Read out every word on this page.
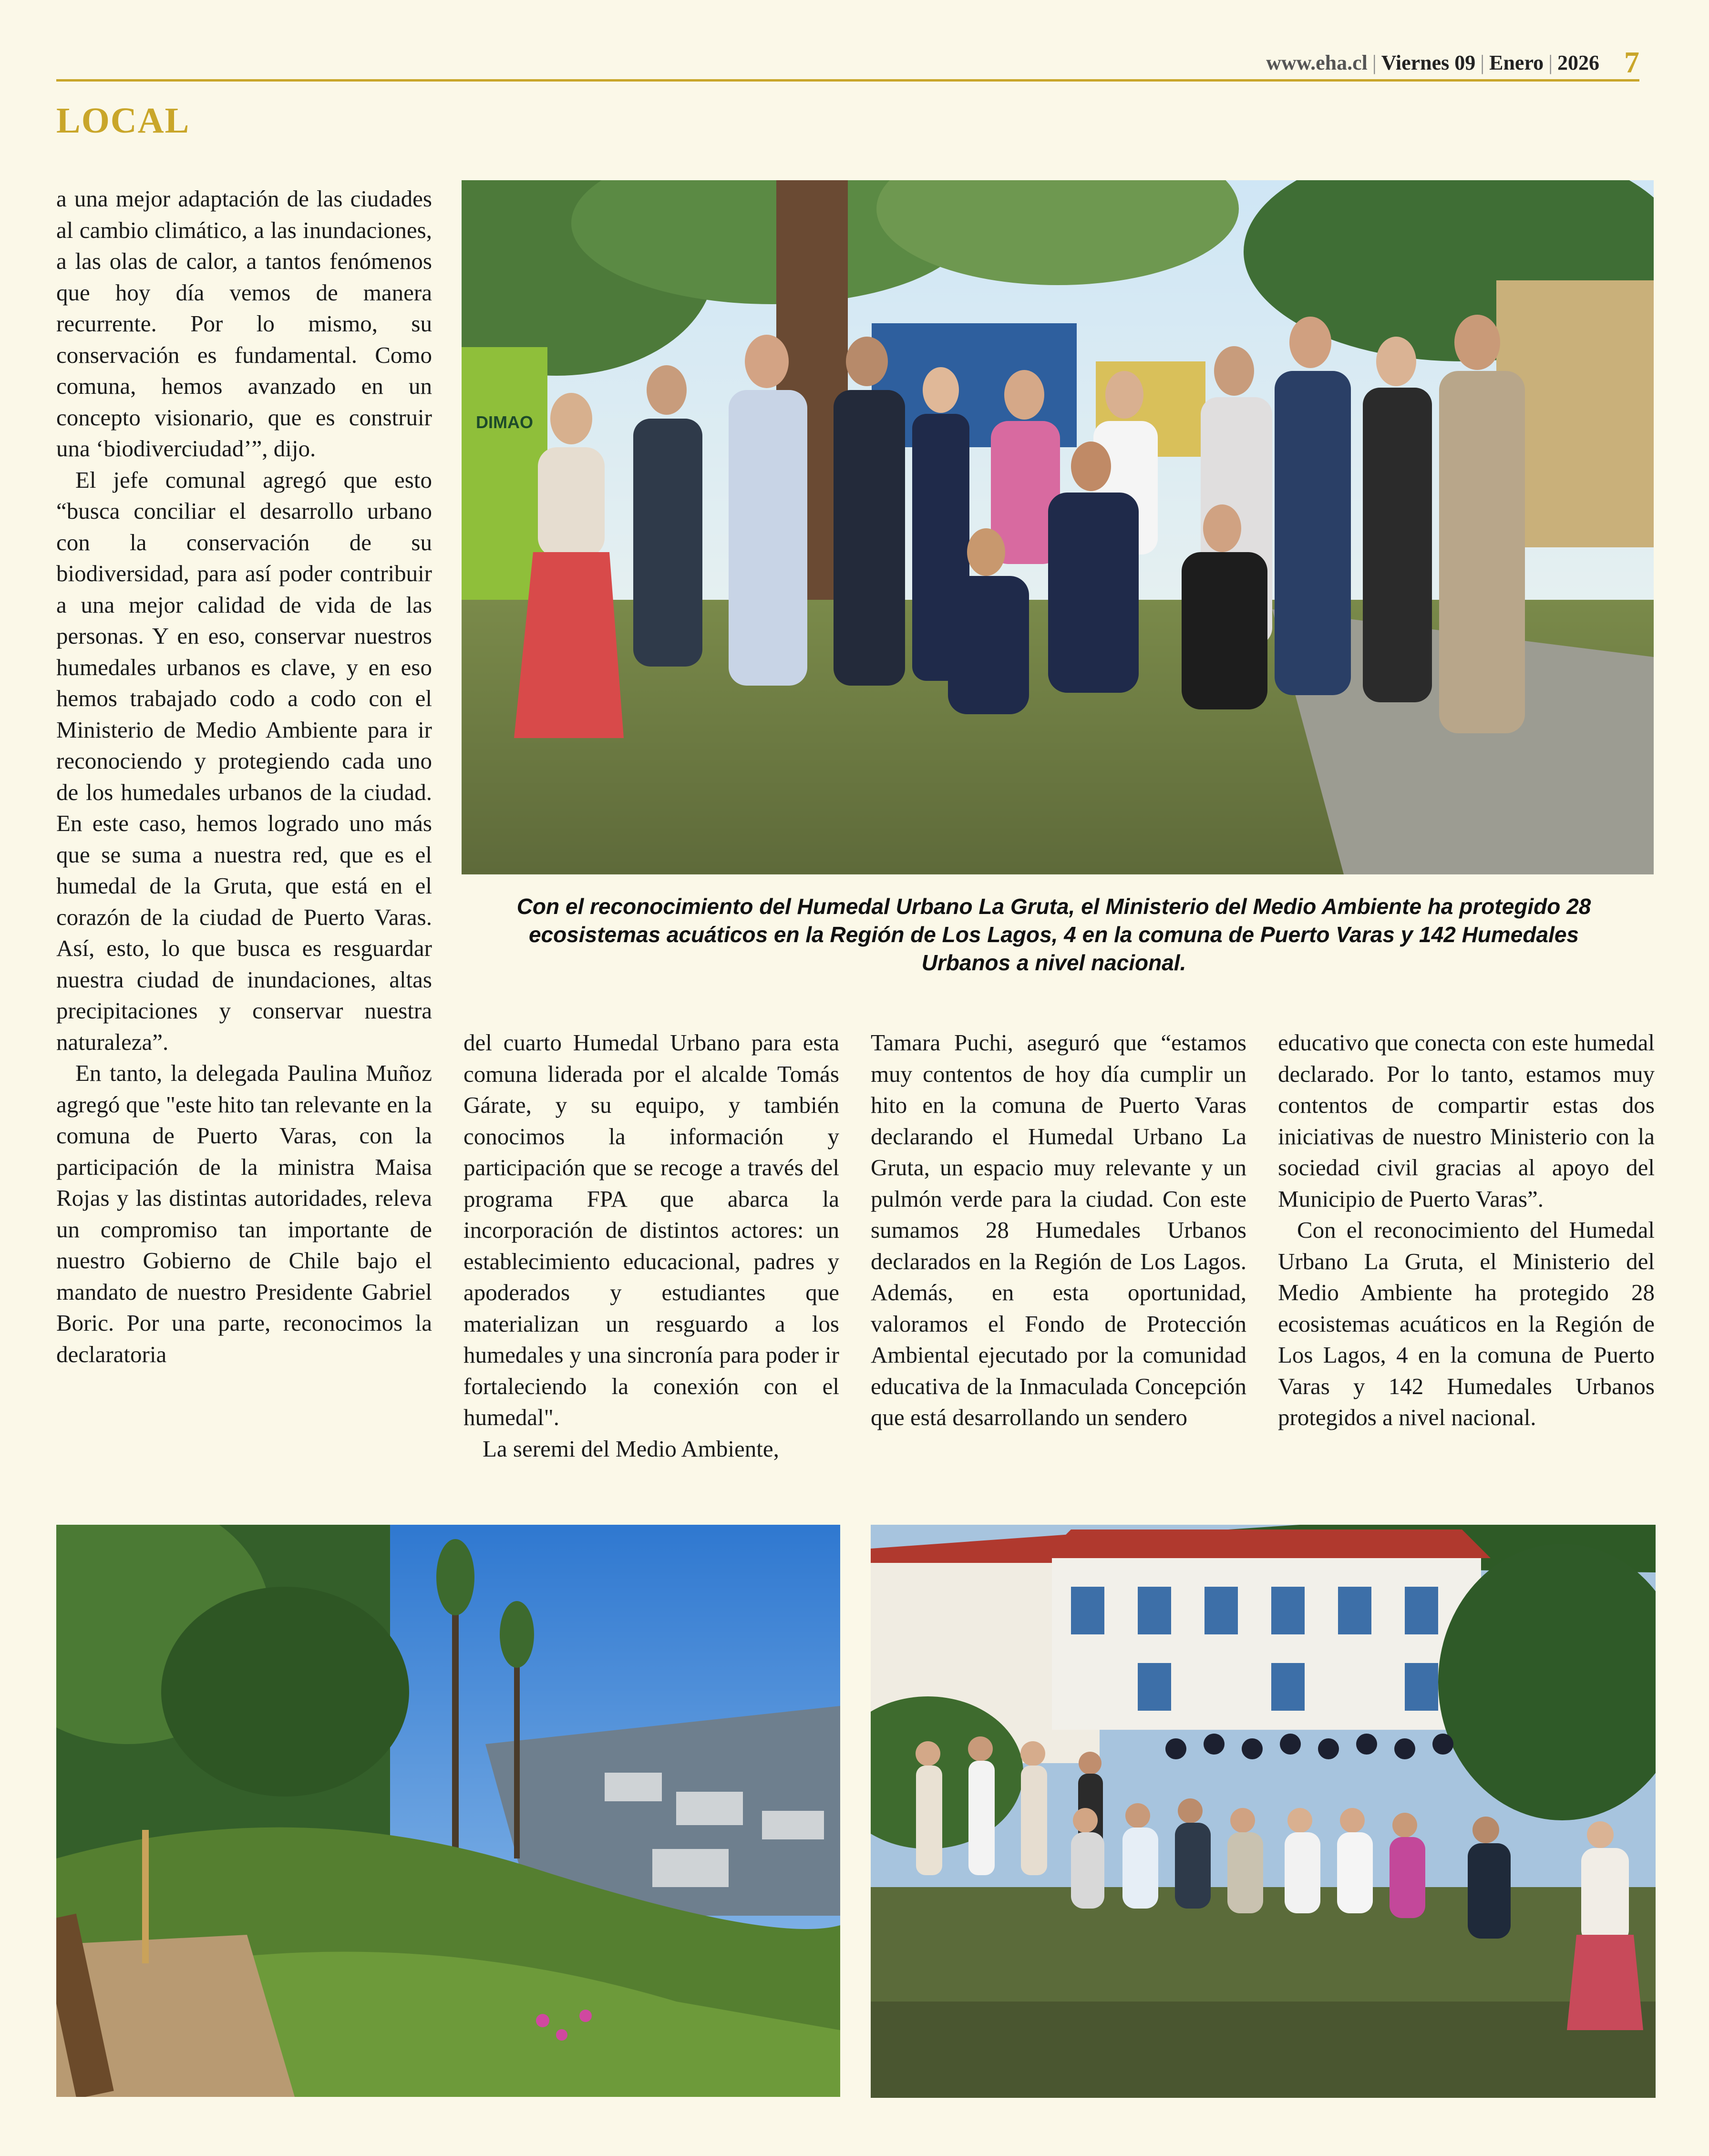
www.eha.cl | Viernes 09 | Enero | 2026 7
LOCAL

a una mejor adaptación de las ciudades al cambio climático, a las inundaciones, a las olas de calor, a tantos fenómenos que hoy día vemos de manera recurrente. Por lo mismo, su conservación es fundamental. Como comuna, hemos avanzado en un concepto visionario, que es construir una ‘biodiverciudad’”, dijo.

El jefe comunal agregó que esto “busca conciliar el desarrollo urbano con la conservación de su biodiversidad, para así poder contribuir a una mejor calidad de vida de las personas. Y en eso, conservar nuestros humedales urbanos es clave, y en eso hemos trabajado codo a codo con el Ministerio de Medio Ambiente para ir reconociendo y protegiendo cada uno de los humedales urbanos de la ciudad. En este caso, hemos logrado uno más que se suma a nuestra red, que es el humedal de la Gruta, que está en el corazón de la ciudad de Puerto Varas. Así, esto, lo que busca es resguardar nuestra ciudad de inundaciones, altas precipitaciones y conservar nuestra naturaleza”.

En tanto, la delegada Paulina Muñoz agregó que "este hito tan relevante en la comuna de Puerto Varas, con la participación de la ministra Maisa Rojas y las distintas autoridades, releva un compromiso tan importante de nuestro Gobierno de Chile bajo el mandato de nuestro Presidente Gabriel Boric. Por una parte, reconocimos la declaratoria

DIMAO
Con el reconocimiento del Humedal Urbano La Gruta, el Ministerio del Medio Ambiente ha protegido 28 ecosistemas acuáticos en la Región de Los Lagos, 4 en la comuna de Puerto Varas y 142 Humedales Urbanos a nivel nacional.

del cuarto Humedal Urbano para esta comuna liderada por el alcalde Tomás Gárate, y su equipo, y también conocimos la información y participación que se recoge a través del programa FPA que abarca la incorporación de distintos actores: un establecimiento educacional, padres y apoderados y estudiantes que materializan un resguardo a los humedales y una sincronía para poder ir fortaleciendo la conexión con el humedal".

La seremi del Medio Ambiente,

Tamara Puchi, aseguró que “estamos muy contentos de hoy día cumplir un hito en la comuna de Puerto Varas declarando el Humedal Urbano La Gruta, un espacio muy relevante y un pulmón verde para la ciudad. Con este sumamos 28 Humedales Urbanos declarados en la Región de Los Lagos. Además, en esta oportunidad, valoramos el Fondo de Protección Ambiental ejecutado por la comunidad educativa de la Inmaculada Concepción que está desarrollando un sendero

educativo que conecta con este humedal declarado. Por lo tanto, estamos muy contentos de compartir estas dos iniciativas de nuestro Ministerio con la sociedad civil gracias al apoyo del Municipio de Puerto Varas”.

Con el reconocimiento del Humedal Urbano La Gruta, el Ministerio del Medio Ambiente ha protegido 28 ecosistemas acuáticos en la Región de Los Lagos, 4 en la comuna de Puerto Varas y 142 Humedales Urbanos protegidos a nivel nacional.
